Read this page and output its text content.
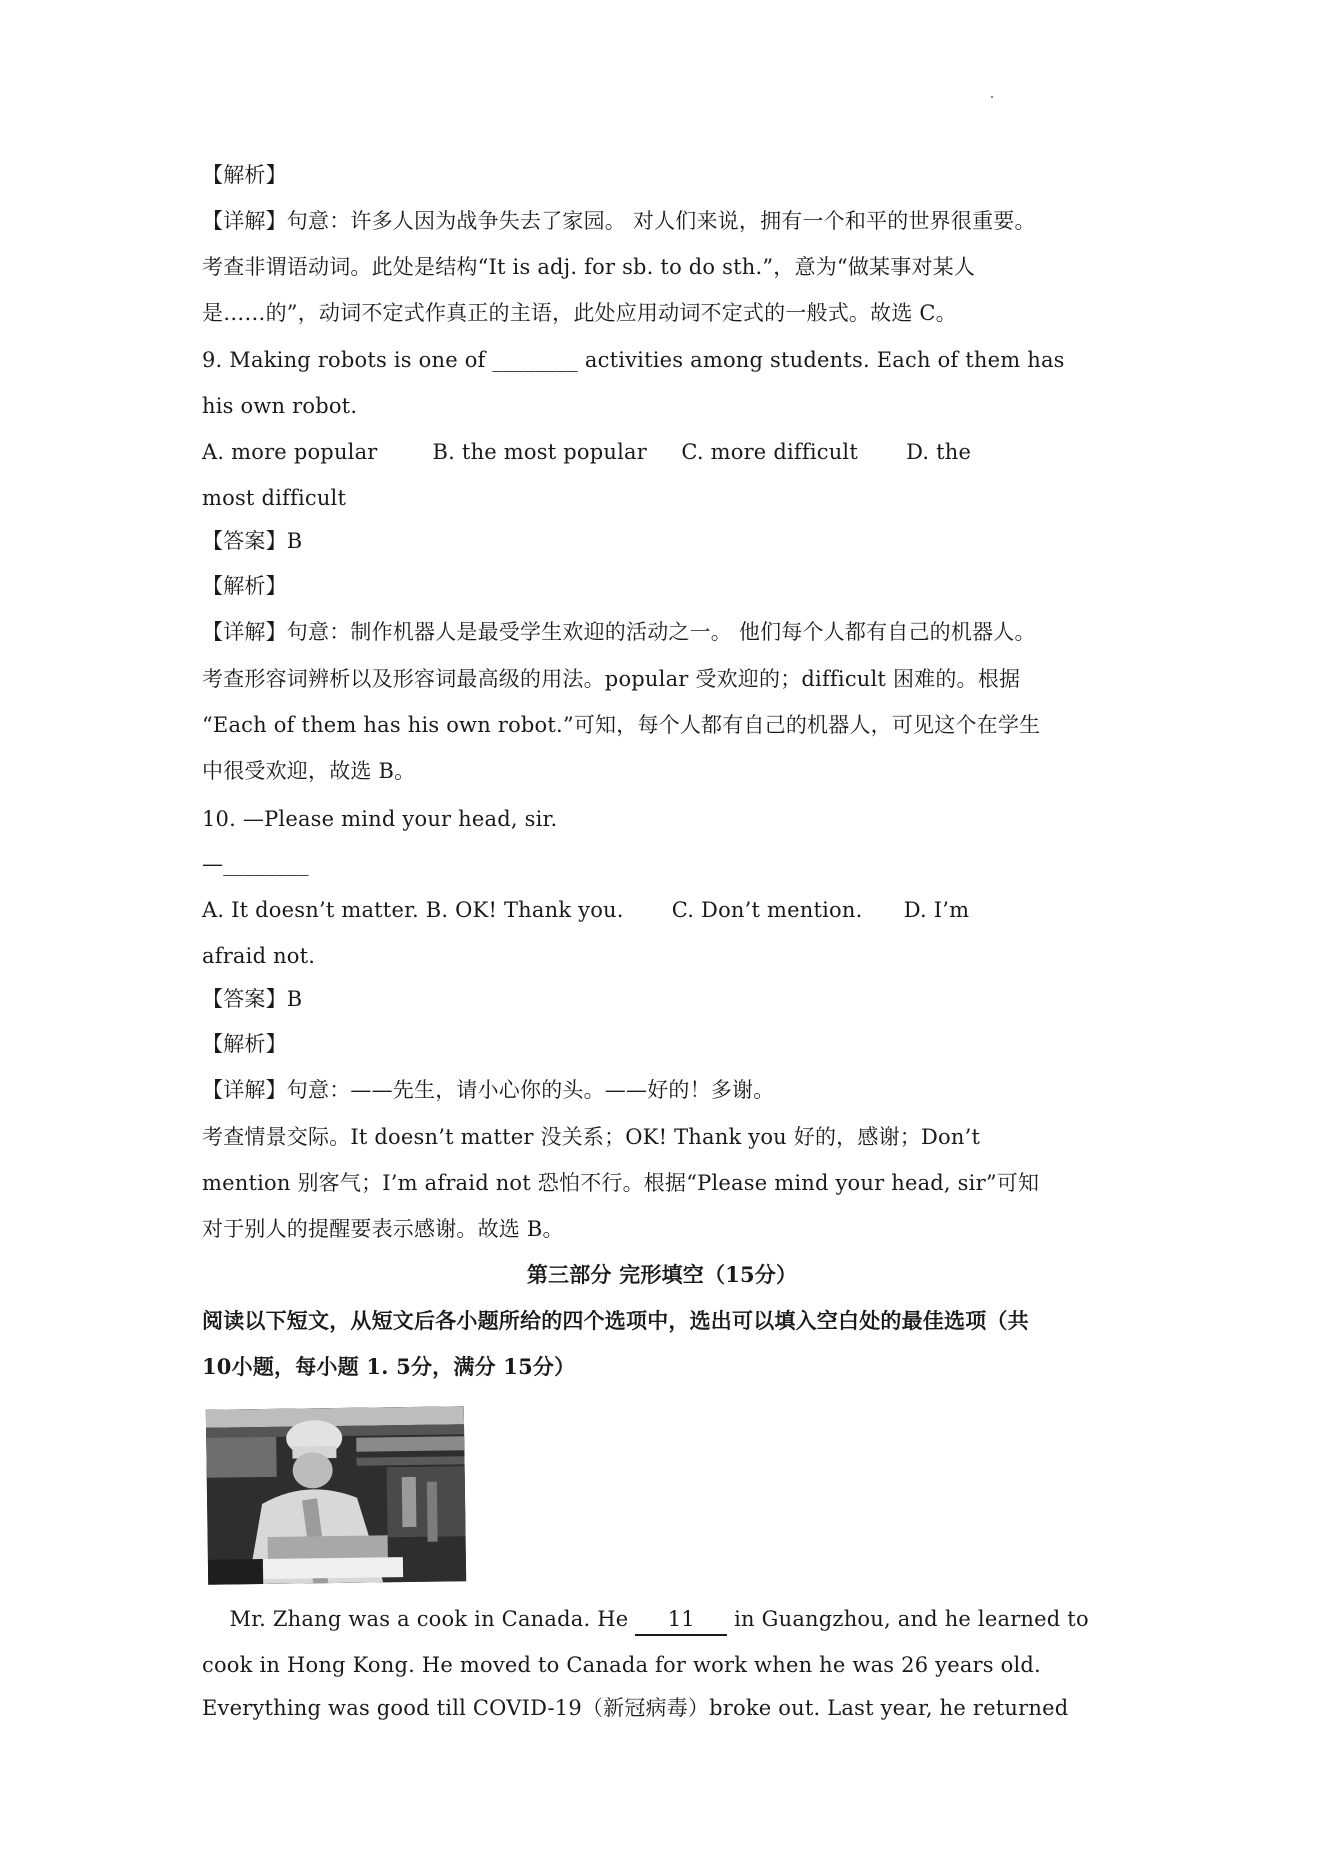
【解析】
【详解】句意：许多人因为战争失去了家园。 对人们来说，拥有一个和平的世界很重要。
考查非谓语动词。此处是结构“It is adj. for sb. to do sth.”，意为“做某事对某人
是……的”，动词不定式作真正的主语，此处应用动词不定式的一般式。故选 C。
9. Making robots is one of ________ activities among students. Each of them has
his own robot.
A. more popular        B. the most popular     C. more difficult       D. the
most difficult
【答案】B
【解析】
【详解】句意：制作机器人是最受学生欢迎的活动之一。 他们每个人都有自己的机器人。
考查形容词辨析以及形容词最高级的用法。popular 受欢迎的；difficult 困难的。根据
“Each of them has his own robot.”可知，每个人都有自己的机器人，可见这个在学生
中很受欢迎，故选 B。
10. —Please mind your head, sir.
—________
A. It doesn’t matter. B. OK! Thank you.       C. Don’t mention.      D. I’m
afraid not.
【答案】B
【解析】
【详解】句意：——先生，请小心你的头。——好的！多谢。
考查情景交际。It doesn’t matter 没关系；OK! Thank you 好的，感谢；Don’t
mention 别客气；I’m afraid not 恐怕不行。根据“Please mind your head, sir”可知
对于别人的提醒要表示感谢。故选 B。
第三部分 完形填空（15分）
阅读以下短文，从短文后各小题所给的四个选项中，选出可以填入空白处的最佳选项（共
10小题，每小题 1. 5分，满分 15分）
Mr. Zhang was a cook in Canada. He 11 in Guangzhou, and he learned to
cook in Hong Kong. He moved to Canada for work when he was 26 years old.
Everything was good till COVID-19（新冠病毒）broke out. Last year, he returned
